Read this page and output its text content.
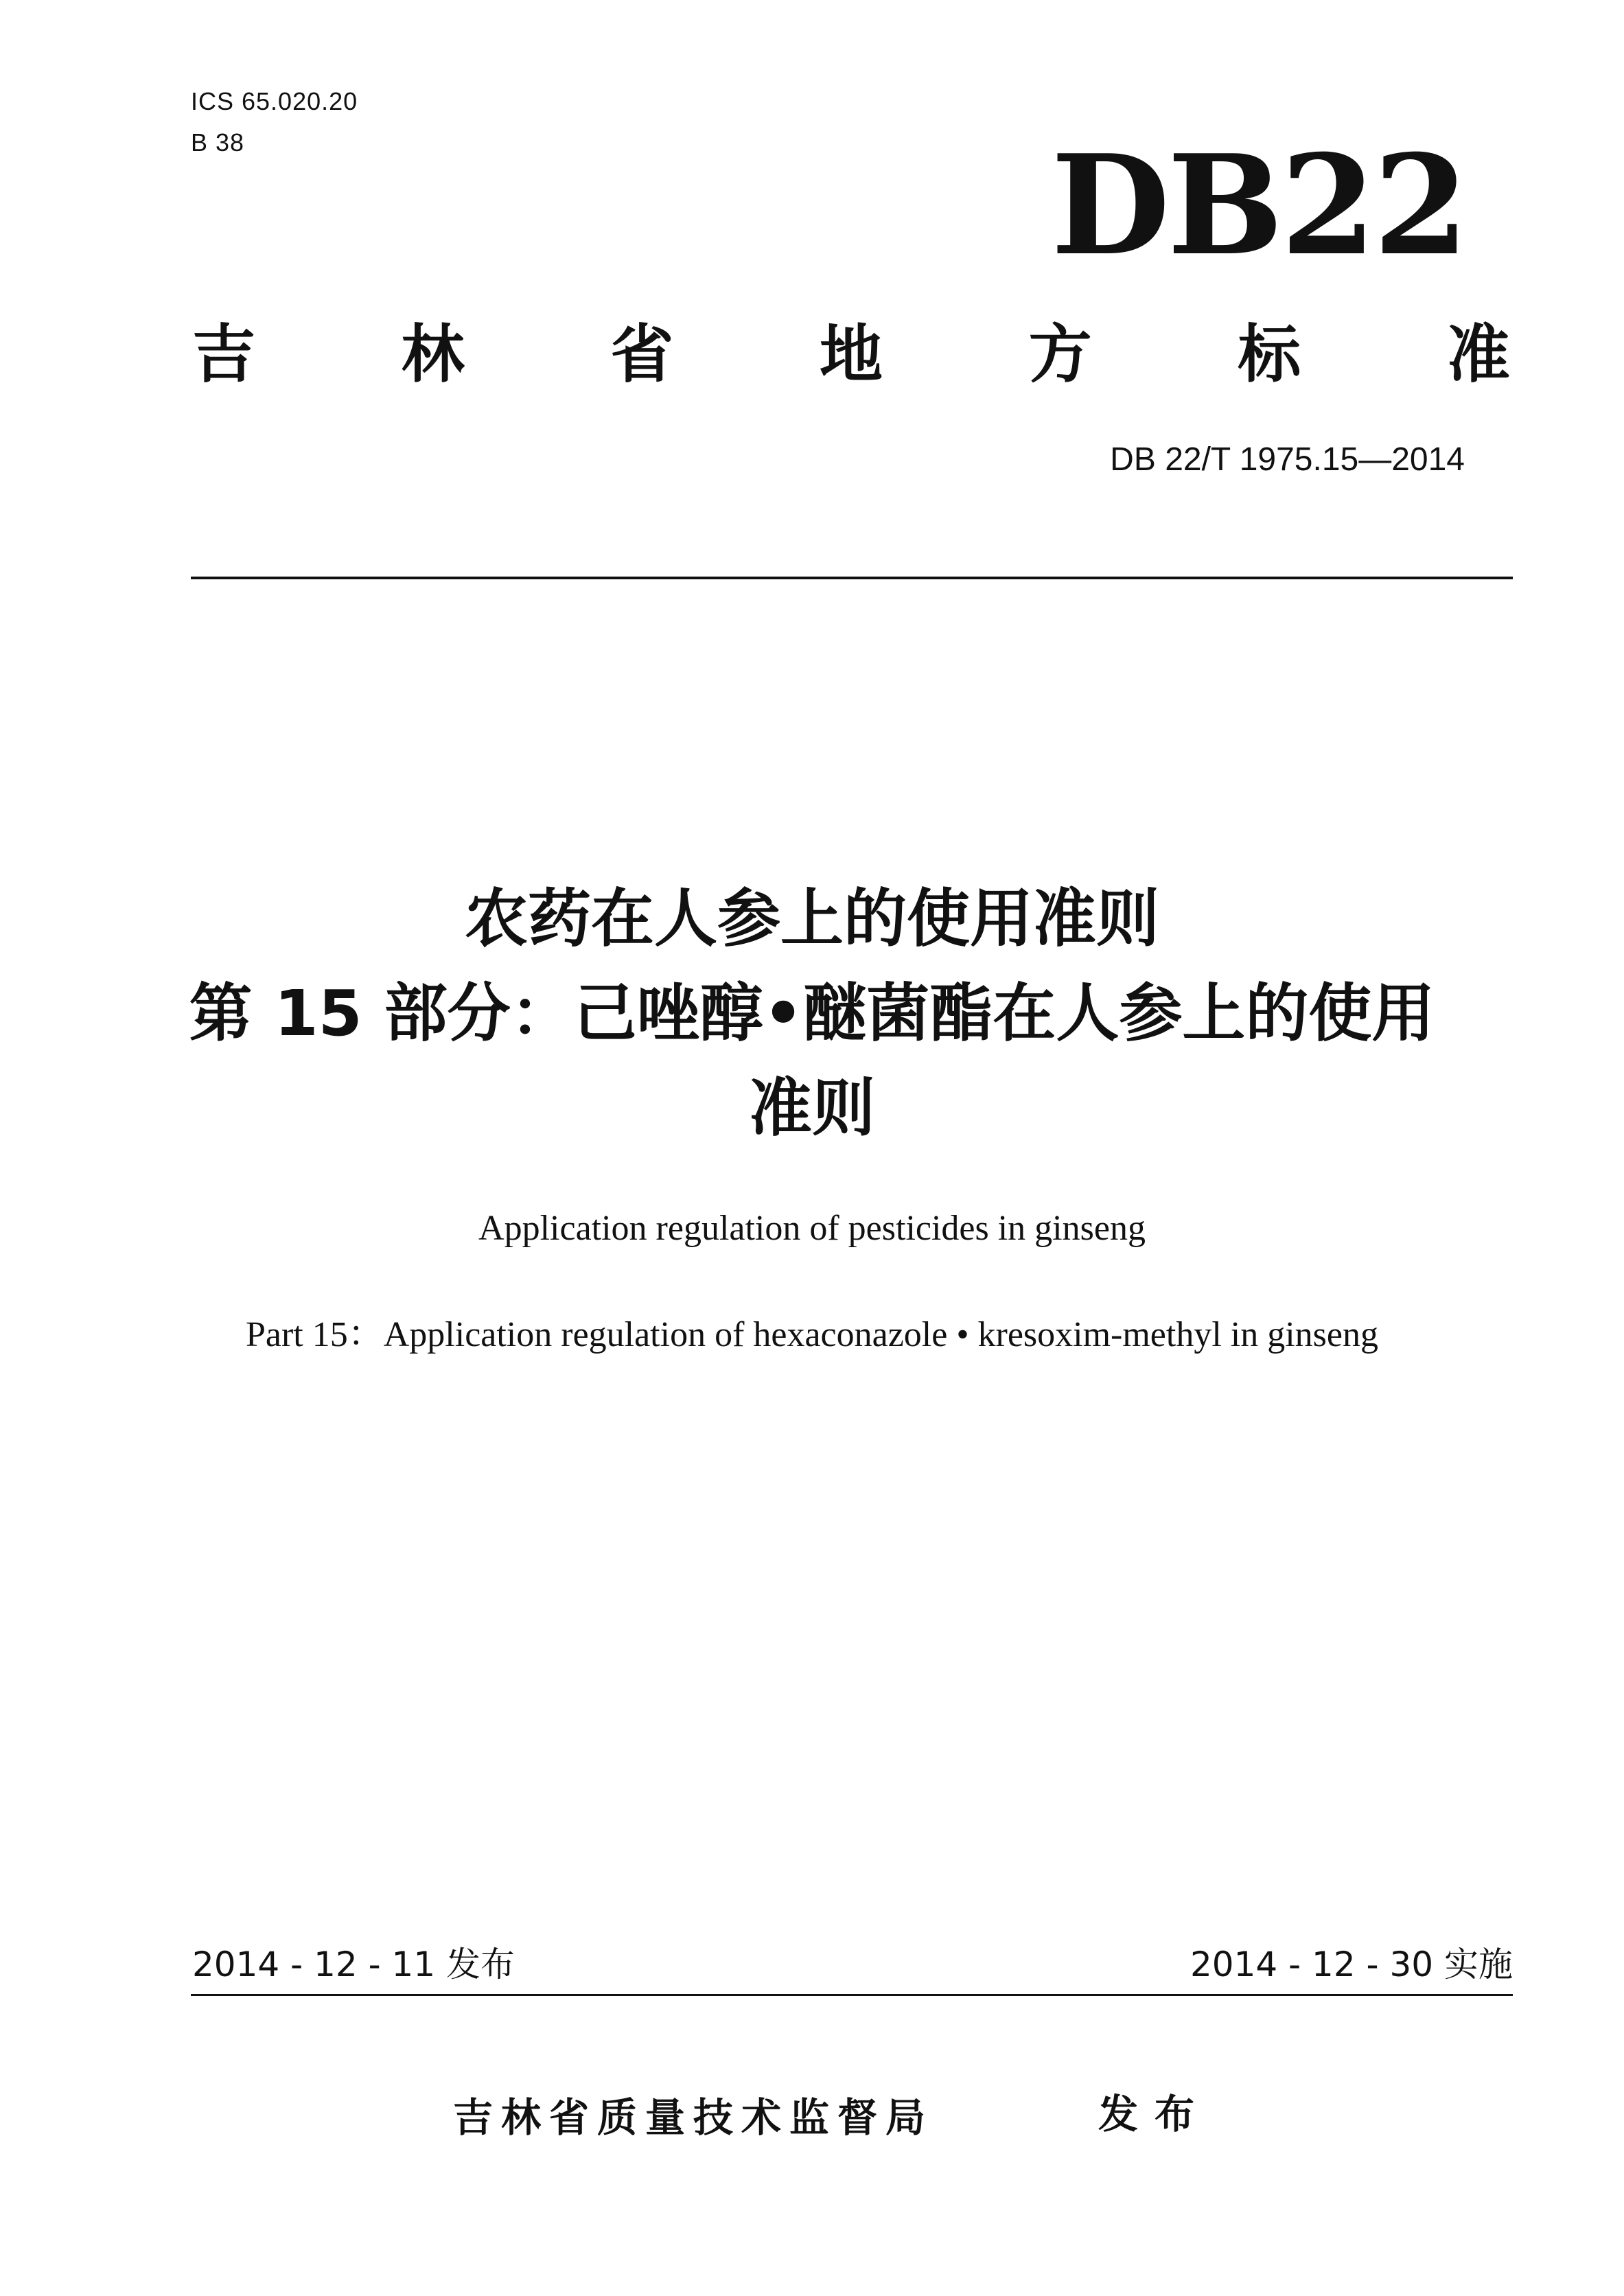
ICS 65.020.20
B 38	DB22
吉 林 省 地 方 标 准
DB 22/T 1975.15—2014
农药在人参上的使用准则
第 15 部分：己唑醇•醚菌酯在人参上的使用
准则
Application regulation of pesticides in ginseng
Part 15：Application regulation of hexaconazole • kresoxim-methyl in ginseng
2014 - 12 - 11 发布	2014 - 12 - 30 实施
吉林省质量技术监督局	发布
